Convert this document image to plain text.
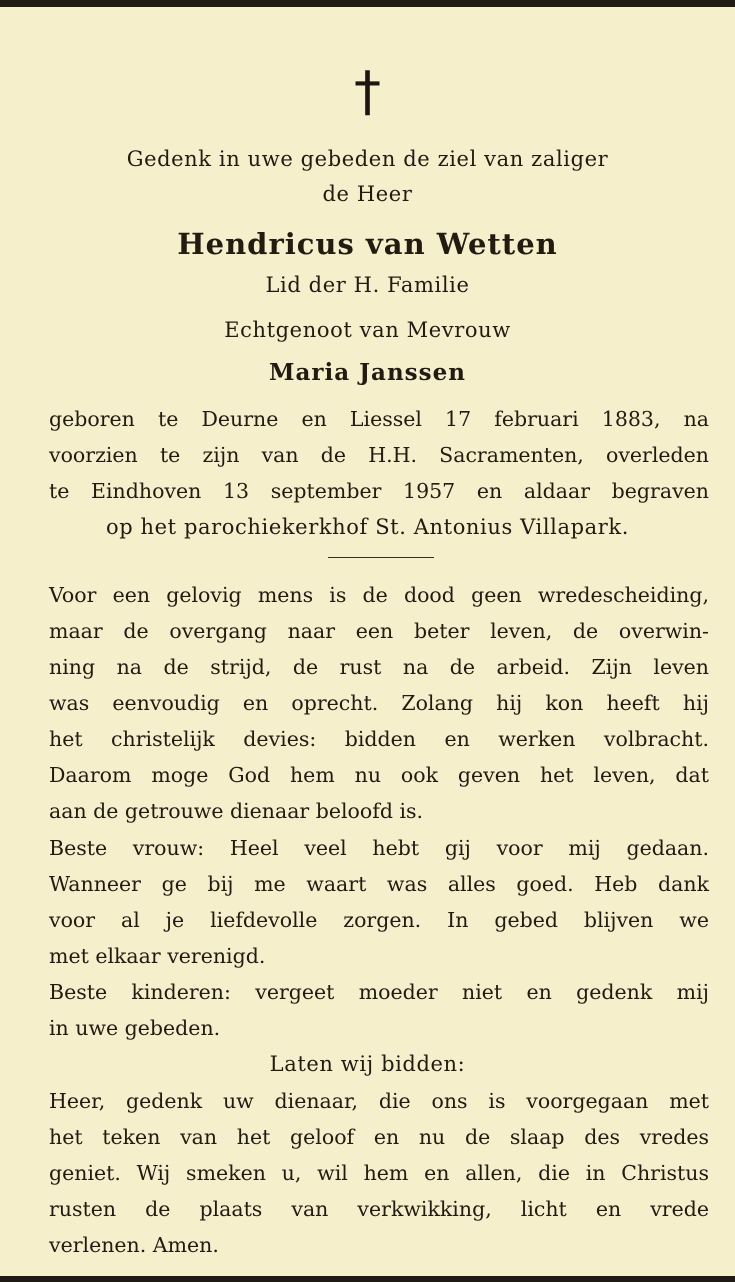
†
Gedenk in uwe gebeden de ziel van zaliger
de Heer
Hendricus van Wetten
Lid der H. Familie
Echtgenoot van Mevrouw
Maria Janssen
geboren te Deurne en Liessel 17 februari 1883, na
voorzien te zijn van de H.H. Sacramenten, overleden
te Eindhoven 13 september 1957 en aldaar begraven
op het parochiekerkhof St. Antonius Villapark.
Voor een gelovig mens is de dood geen wredescheiding,
maar de overgang naar een beter leven, de overwin-
ning na de strijd, de rust na de arbeid. Zijn leven
was eenvoudig en oprecht. Zolang hij kon heeft hij
het christelijk devies: bidden en werken volbracht.
Daarom moge God hem nu ook geven het leven, dat
aan de getrouwe dienaar beloofd is.
Beste vrouw: Heel veel hebt gij voor mij gedaan.
Wanneer ge bij me waart was alles goed. Heb dank
voor al je liefdevolle zorgen. In gebed blijven we
met elkaar verenigd.
Beste kinderen: vergeet moeder niet en gedenk mij
in uwe gebeden.
Laten wij bidden:
Heer, gedenk uw dienaar, die ons is voorgegaan met
het teken van het geloof en nu de slaap des vredes
geniet. Wij smeken u, wil hem en allen, die in Christus
rusten de plaats van verkwikking, licht en vrede
verlenen. Amen.
